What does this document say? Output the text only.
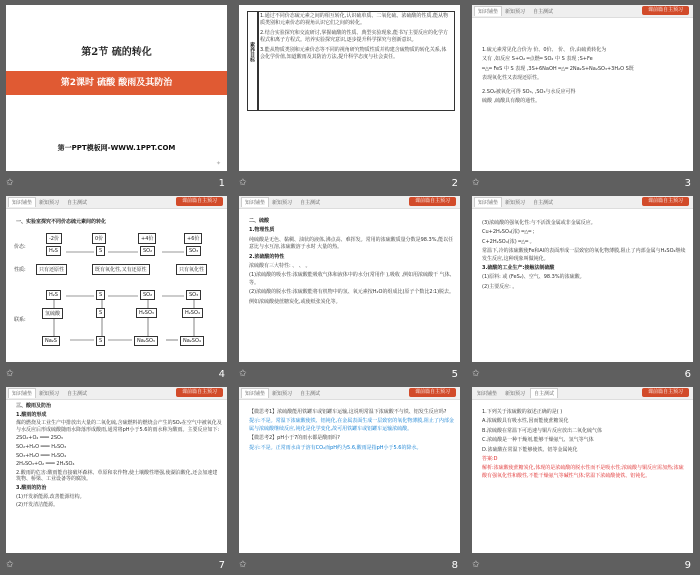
第2节 硫的转化
第2课时 硫酸 酸雨及其防治
第一PPT模板网-WWW.1PPT.COM
✦
✩	1
素养目标

1.通过不同价态硫元素之间的相互转化,认识硫单质、二氧化硫、浓硫酸的性质,能从物质类别和元素价态的视角认识它们之间的转化。

2.结合实验探究和交流研讨,掌握硫酸的性质、典型实验现象,能书写主要反应的化学方程式和离子方程式。培养实验探究意识,逐步提升科学探究与创新意识。

3.能从物质类别和元素价态等不同的视角研究物质性质并构建含硫物质的转化关系,体会化学价值,知道酸雨及其防治方法,提升科学态度与社会责任。

✩	2
知识铺垫	新知预习	自主测试	课前篇自主预习

1.硫元素常见化合价为 价、0价、 价、 价,由硫黄转化为

又有 ,如反应 S+O₂ ═点燃═ SO₂ 中 S 表现 ;S+Fe

═△═ FeS 中 S 表现 ,3S+6NaOH ═△═ 2Na₂S+Na₂SO₃+3H₂O S既

表现氧化性又表现还原性。

2.SO₂被氧化可得 SO₃, ,SO₃与水反应可得

硫酸 ,硫酸具有酸的通性。

✩	3
知识铺垫	新知预习	自主测试	课前篇自主预习
一、实验室探究不同价态硫元素间的转化
价态:
-2价	0价	+4价	+6价
H₂S	S	SO₂	SO₃
性质:	只有还原性	既有氧化性,又有还原性	只有氧化性
H₂S	S	SO₂	SO₃
联系:
氢硫酸	S	H₂SO₃	H₂SO₄
Na₂S	S	Na₂SO₃	Na₂SO₄
✩	4
知识铺垫	新知预习	自主测试	课前篇自主预习

二、硫酸

1.物理性质

纯硫酸是无色、黏稠、油状的液体,沸点高、难挥发。常用的浓硫酸质量分数是98.3%,能以任意比与水互溶,浓硫酸溶于水时 大量的热。

2.浓硫酸的特性

浓硫酸有三大特性: 、 、 。

(1)浓硫酸的吸水性:浓硫酸能吸收气体和液体中的水分(常用作 ),吸收 ,例如用浓硫酸干 气体、 等。

(2)浓硫酸的脱水性:浓硫酸能将有机物中的氢、氧元素按H₂O的组成比(原子个数比2∶1)脱去。

例如浓硫酸使蔗糖炭化,或使纸张炭化等。

✩	5
知识铺垫	新知预习	自主测试	课前篇自主预习

(3)浓硫酸的强氧化性:与不活泼金属或非金属反应。

Cu+2H₂SO₄(浓) ═△═ ;

C+2H₂SO₄(浓) ═△═ 。

常温下,冷的浓硫酸使Fe和Al的表面形成一层致密的氧化物薄膜,阻止了内部金属与H₂SO₄继续发生反应,这种现象叫做钝化。

3.硫酸的工业生产:接触法制硫酸

(1)原料: 或 (FeS₂)、空气、98.3%的浓硫酸。

(2)主要反应: 。

✩	6
知识铺垫	新知预习	自主测试	课前篇自主预习

三、酸雨及防治

1.酸雨的形成

煤的燃烧及工业生产中排放出大量的二氧化硫,含硫燃料的燃烧会产生的SO₂在空气中被氧化及与水反应后形成硫酸随雨水降落形成酸雨,通常将pH小于5.6的雨水称为酸雨。主要反应如下:

2SO₂+O₂ ═══ 2SO₃

SO₂+H₂O ═══ H₂SO₃

SO₃+H₂O ═══ H₂SO₄

2H₂SO₃+O₂ ═══ 2H₂SO₄

2.酸雨的危害:酸雨能直接破坏森林、草原和农作物,使土壤酸性增强,使湖泊酸化,还会加速建筑物、桥梁、工业设备等的腐蚀。

3.酸雨的防治

(1)开发新能源,改善能源结构。

(2)开发清洁能源。

✩	7
知识铺垫	新知预习	自主测试	课前篇自主预习

【微思考1】浓硫酸能用铁罐车或铝罐车运输,这说明常温下浓硫酸不与铁、铝发生反应吗?

提示:不是。常温下浓硫酸使铁、铝钝化,在金属表面生成一层致密的氧化物薄膜,阻止了内部金属与浓硫酸继续反应,钝化是化学变化,故可用铁罐车或铝罐车运输浓硫酸。

【微思考2】pH小于7的雨水都是酸雨吗?

提示:不是。正常雨水由于溶有CO₂而pH约为5.6,酸雨是指pH小于5.6的降水。

✩	8
知识铺垫	新知预习	自主测试	课前篇自主预习

1.下列关于浓硫酸的叙述正确的是( )

A.浓硫酸具有吸水性,因而能使蔗糖炭化

B.浓硫酸在常温下可迅速与铜片反应放出二氧化硫气体

C.浓硫酸是一种干燥剂,能够干燥氨气、氢气等气体

D.浓硫酸在常温下能够使铁、铝等金属钝化

答案:D

解析:浓硫酸使蔗糖炭化,体现的是浓硫酸的脱水性而不是吸水性;浓硫酸与铜反应需加热;浓硫酸有强氧化性和酸性,不能干燥氨气等碱性气体;常温下浓硫酸使铁、铝钝化。

✩	9
